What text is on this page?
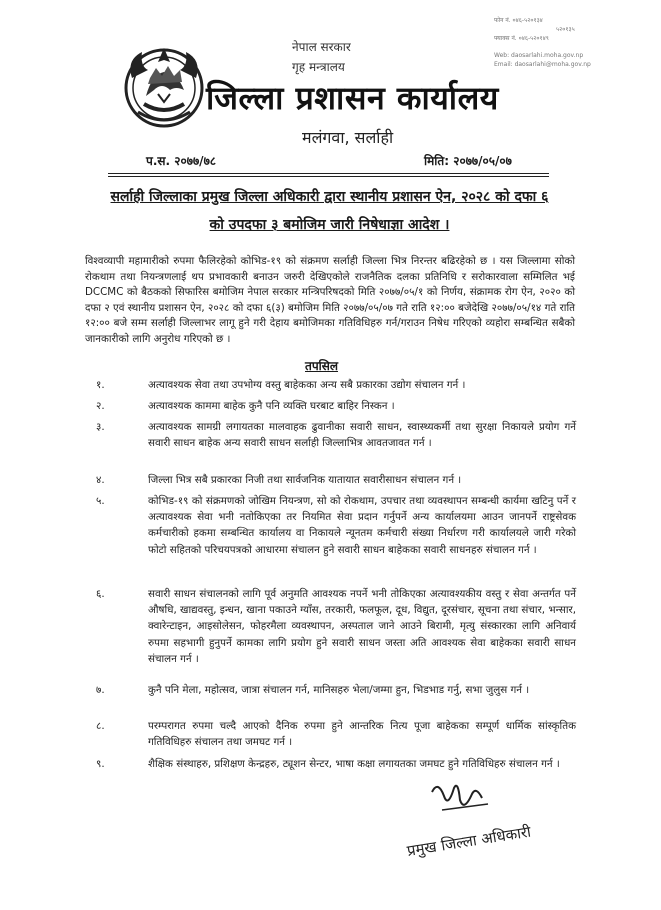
फोन नं. ०४६-५२०१३४
५२०१३५
फ्याक्स नं. ०४६-५२०१४९
Web: daosarlahi.moha.gov.np
Email: daosarlahi@moha.gov.np
नेपाल सरकार
गृह मन्त्रालय
जिल्ला प्रशासन कार्यालय
मलंगवा, सर्लाही
प.स. २०७७/७८	मिति: २०७७/०५/०७
सर्लाही जिल्लाका प्रमुख जिल्ला अधिकारी द्वारा स्थानीय प्रशासन ऐन, २०२८ को दफा ६
को उपदफा ३ बमोजिम जारी निषेधाज्ञा आदेश ।
विश्वव्यापी महामारीको रुपमा फैलिरहेको कोभिड-१९ को संक्रमण सर्लाही जिल्ला भित्र निरन्तर बढिरहेको छ । यस जिल्लामा सोको रोकथाम तथा नियन्त्रणलाई थप प्रभावकारी बनाउन जरुरी देखिएकोले राजनैतिक दलका प्रतिनिधि र सरोकारवाला सम्मिलित भई DCCMC को बैठकको सिफारिस बमोजिम नेपाल सरकार मन्त्रिपरिषदको मिति २०७७/०५/१ को निर्णय, संक्रामक रोग ऐन, २०२० को दफा २ एवं स्थानीय प्रशासन ऐन, २०२८ को दफा ६(३) बमोजिम मिति २०७७/०५/०७ गते राति १२:०० बजेदेखि २०७७/०५/१४ गते राति १२:०० बजे सम्म सर्लाही जिल्लाभर लागू हुने गरी देहाय बमोजिमका गतिविधिहरु गर्न/गराउन निषेध गरिएको व्यहोरा सम्बन्धित सबैको जानकारीको लागि अनुरोध गरिएको छ ।
तपसिल
१.	अत्यावश्यक सेवा तथा उपभोग्य वस्तु बाहेकका अन्य सबै प्रकारका उद्योग संचालन गर्न ।
२.	अत्यावश्यक काममा बाहेक कुनै पनि व्यक्ति घरबाट बाहिर निस्कन ।
३.	अत्यावश्यक सामग्री लगायतका मालवाहक ढुवानीका सवारी साधन, स्वास्थ्यकर्मी तथा सुरक्षा निकायले प्रयोग गर्ने सवारी साधन बाहेक अन्य सवारी साधन सर्लाही जिल्लाभित्र आवतजावत गर्न ।
४.	जिल्ला भित्र सबै प्रकारका निजी तथा सार्वजनिक यातायात सवारीसाधन संचालन गर्न ।
५.	कोभिड-१९ को संक्रमणको जोखिम नियन्त्रण, सो को रोकथाम, उपचार तथा व्यवस्थापन सम्बन्धी कार्यमा खटिनु पर्ने र अत्यावश्यक सेवा भनी नतोकिएका तर नियमित सेवा प्रदान गर्नुपर्ने अन्य कार्यालयमा आउन जानपर्ने राष्ट्रसेवक कर्मचारीको हकमा सम्बन्धित कार्यालय वा निकायले न्यूनतम कर्मचारी संख्या निर्धारण गरी कार्यालयले जारी गरेको फोटो सहितको परिचयपत्रको आधारमा संचालन हुने सवारी साधन बाहेकका सवारी साधनहरु संचालन गर्न ।
६.	सवारी साधन संचालनको लागि पूर्व अनुमति आवश्यक नपर्ने भनी तोकिएका अत्यावश्यकीय वस्तु र सेवा अन्तर्गत पर्ने औषधि, खाद्यवस्तु, इन्धन, खाना पकाउने ग्याँस, तरकारी, फलफूल, दूध, विद्युत, दूरसंचार, सूचना तथा संचार, भन्सार, क्वारेन्टाइन, आइसोलेसन, फोहरमैला व्यवस्थापन, अस्पताल जाने आउने बिरामी, मृत्यु संस्कारका लागि अनिवार्य रुपमा सहभागी हुनुपर्ने कामका लागि प्रयोग हुने सवारी साधन जस्ता अति आवश्यक सेवा बाहेकका सवारी साधन संचालन गर्न ।
७.	कुनै पनि मेला, महोत्सव, जात्रा संचालन गर्न, मानिसहरु भेला/जम्मा हुन, भिडभाड गर्नु, सभा जुलुस गर्न ।
८.	परम्परागत रुपमा चल्दै आएको दैनिक रुपमा हुने आन्तरिक नित्य पूजा बाहेकका सम्पूर्ण धार्मिक सांस्कृतिक गतिविधिहरु संचालन तथा जमघट गर्न ।
९.	शैक्षिक संस्थाहरु, प्रशिक्षण केन्द्रहरु, ट्यूशन सेन्टर, भाषा कक्षा लगायतका जमघट हुने गतिविधिहरु संचालन गर्न ।
प्रमुख जिल्ला अधिकारी
